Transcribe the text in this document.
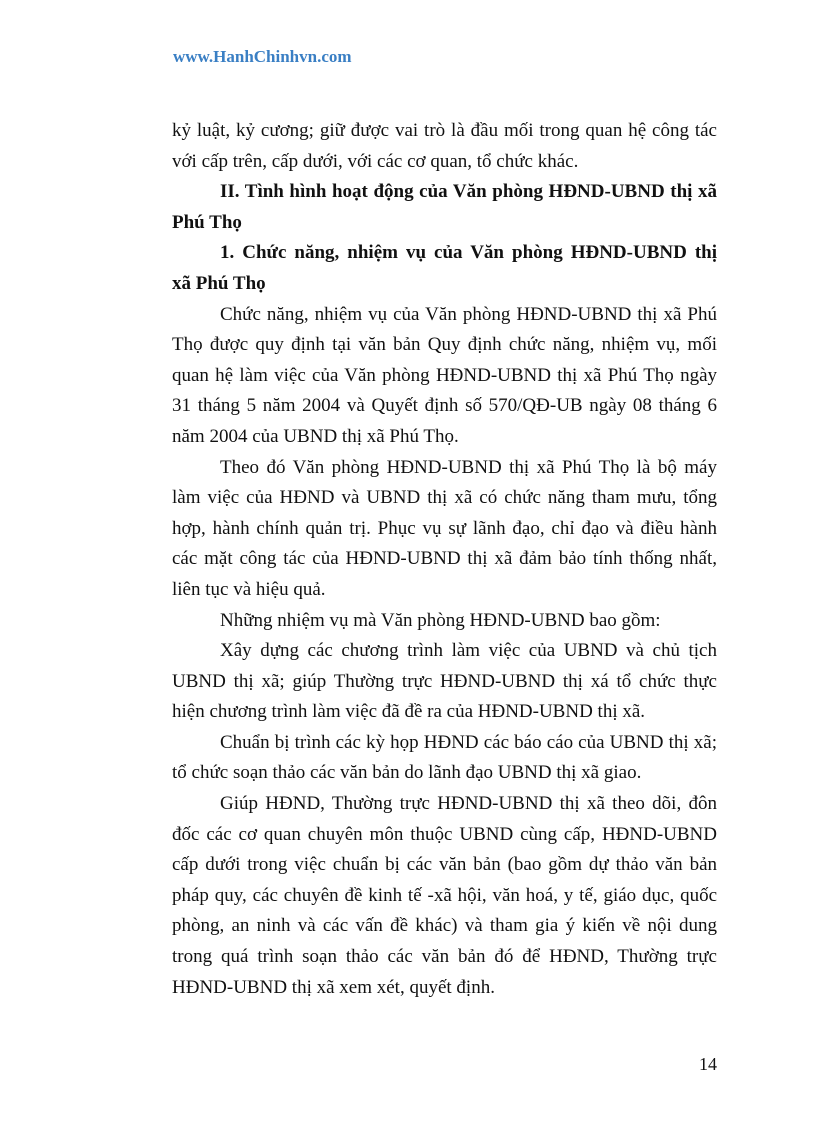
www.HanhChinhvn.com
kỷ luật, kỷ cương; giữ được vai trò là đầu mối trong quan hệ công tác
với cấp trên, cấp dưới, với các cơ quan, tổ chức khác.
II. Tình hình hoạt động của Văn phòng HĐND-UBND thị xã
Phú Thọ
1. Chức năng, nhiệm vụ của Văn phòng HĐND-UBND thị
xã Phú Thọ
Chức năng, nhiệm vụ của Văn phòng HĐND-UBND thị xã Phú
Thọ được quy định tại văn bản Quy định chức năng, nhiệm vụ, mối
quan hệ làm việc của Văn phòng HĐND-UBND thị xã Phú Thọ ngày
31 tháng 5 năm 2004 và Quyết định số 570/QĐ-UB ngày 08 tháng 6
năm 2004 của UBND thị xã Phú Thọ.
Theo đó Văn phòng HĐND-UBND thị xã Phú Thọ là bộ máy
làm việc của HĐND và UBND thị xã có chức năng tham mưu, tổng
hợp, hành chính quản trị. Phục vụ sự lãnh đạo, chỉ đạo và điều hành
các mặt công tác của HĐND-UBND thị xã đảm bảo tính thống nhất,
liên tục và hiệu quả.
Những nhiệm vụ mà Văn phòng HĐND-UBND bao gồm:
Xây dựng các chương trình làm việc của UBND và chủ tịch
UBND thị xã; giúp Thường trực HĐND-UBND thị xá tổ chức thực
hiện chương trình làm việc đã đề ra của HĐND-UBND thị xã.
Chuẩn bị trình các kỳ họp HĐND các báo cáo của UBND thị xã;
tổ chức soạn thảo các văn bản do lãnh đạo UBND thị xã giao.
Giúp HĐND, Thường trực HĐND-UBND thị xã theo dõi, đôn
đốc các cơ quan chuyên môn thuộc UBND cùng cấp, HĐND-UBND
cấp dưới trong việc chuẩn bị các văn bản (bao gồm dự thảo văn bản
pháp quy, các chuyên đề kinh tế -xã hội, văn hoá, y tế, giáo dục, quốc
phòng, an ninh và các vấn đề khác) và tham gia ý kiến về nội dung
trong quá trình soạn thảo các văn bản đó để HĐND, Thường trực
HĐND-UBND thị xã xem xét, quyết định.
14
